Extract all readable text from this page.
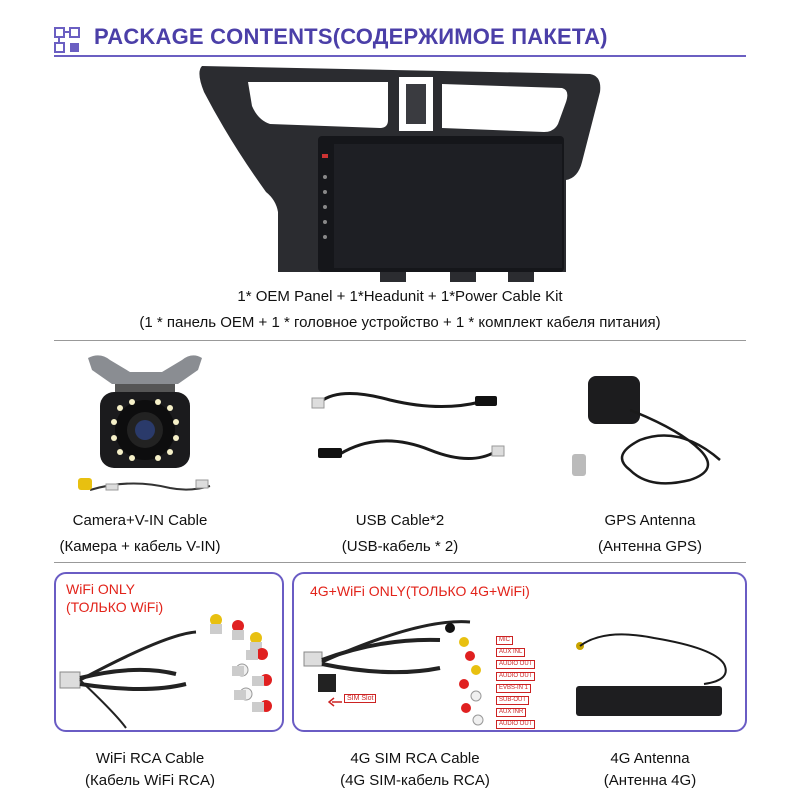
PACKAGE CONTENTS(СОДЕРЖИМОЕ ПАКЕТА)
1* OEM Panel + 1*Headunit + 1*Power Cable Kit
(1 * панель OEM + 1 * головное устройство + 1 * комплект кабеля питания)
Camera+V-IN Cable
(Камера + кабель V-IN)
USB Cable*2
(USB-кабель * 2)
GPS Antenna
(Антенна GPS)
WiFi ONLY
(ТОЛЬКО WiFi)
4G+WiFi ONLY(ТОЛЬКО 4G+WiFi)
SIM Slot
MIC
AUX INL
AUDIO OUT
AUDIO OUT
EVBS-IN 1
SUB-OUT
AUX INR
AUDIO OUT
WiFi RCA Cable
(Кабель WiFi RCA)
4G SIM RCA Cable
(4G SIM-кабель RCA)
4G Antenna
(Антенна 4G)
